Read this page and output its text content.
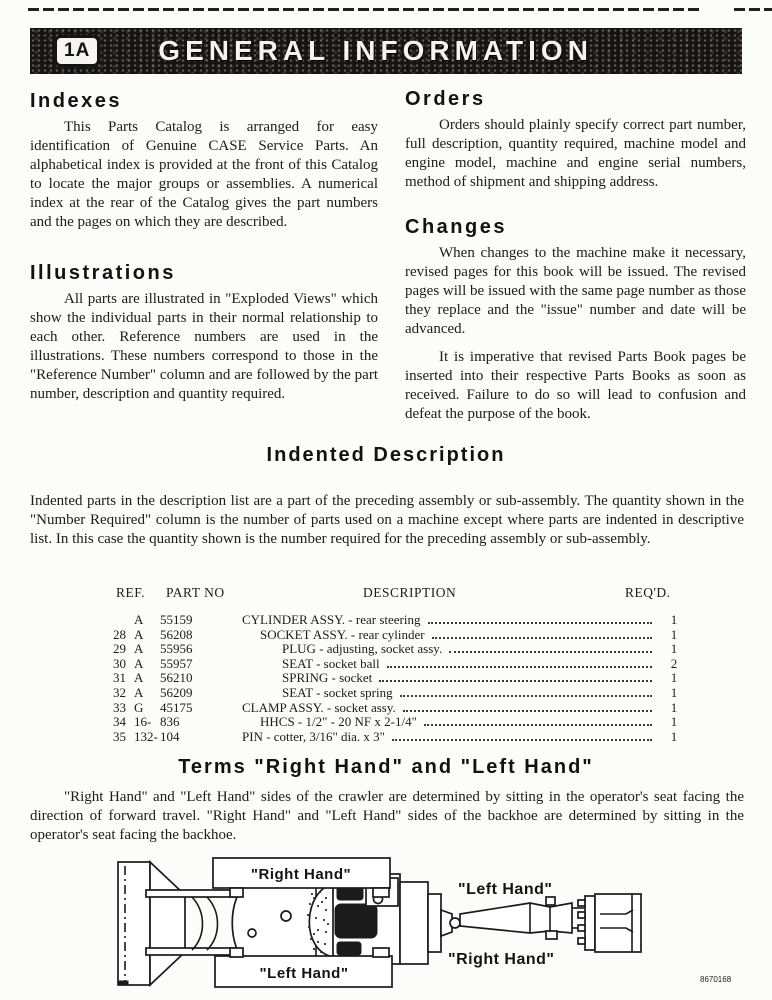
1A	GENERAL INFORMATION
Indexes

This Parts Catalog is arranged for easy identification of Genuine CASE Service Parts. An alphabetical index is provided at the front of this Catalog to locate the major groups or assemblies. A numerical index at the rear of the Catalog gives the part numbers and the pages on which they are described.

Illustrations

All parts are illustrated in "Exploded Views" which show the individual parts in their normal relationship to each other. Reference numbers are used in the illustrations. These numbers correspond to those in the "Reference Number" column and are followed by the part number, description and quantity required.

Orders

Orders should plainly specify correct part number, full description, quantity required, machine model and engine model, machine and engine serial numbers, method of shipment and shipping address.

Changes

When changes to the machine make it necessary, revised pages for this book will be issued. The revised pages will be issued with the same page number as those they replace and the "issue" number and date will be advanced.

It is imperative that revised Parts Book pages be inserted into their respective Parts Books as soon as received. Failure to do so will lead to confusion and defeat the purpose of the book.

Indented Description

Indented parts in the description list are a part of the preceding assembly or sub-assembly. The quantity shown in the "Number Required" column is the number of parts used on a machine except where parts are indented in descriptive list. In this case the quantity shown is the number required for the preceding assembly or sub-assembly.

REF. PART NO	DESCRIPTION	REQ'D.
A	55159	CYLINDER ASSY. - rear steering	1
28 A	56208	SOCKET ASSY. - rear cylinder	1
29 A	55956	PLUG - adjusting, socket assy.	1
30 A	55957	SEAT - socket ball	2
31 A	56210	SPRING - socket	1
32 A	56209	SEAT - socket spring	1
33 G	45175	CLAMP ASSY. - socket assy.	1
34 16- 836	HHCS - 1/2" - 20 NF x 2-1/4"	1
35 132- 104	PIN - cotter, 3/16" dia. x 3"	1
Terms "Right Hand" and "Left Hand"

"Right Hand" and "Left Hand" sides of the crawler are determined by sitting in the operator's seat facing the direction of forward travel. "Right Hand" and "Left Hand" sides of the backhoe are determined by sitting in the operator's seat facing the backhoe.

"Right Hand"
"Left Hand"
"Left Hand"
"Right Hand"
8670168
